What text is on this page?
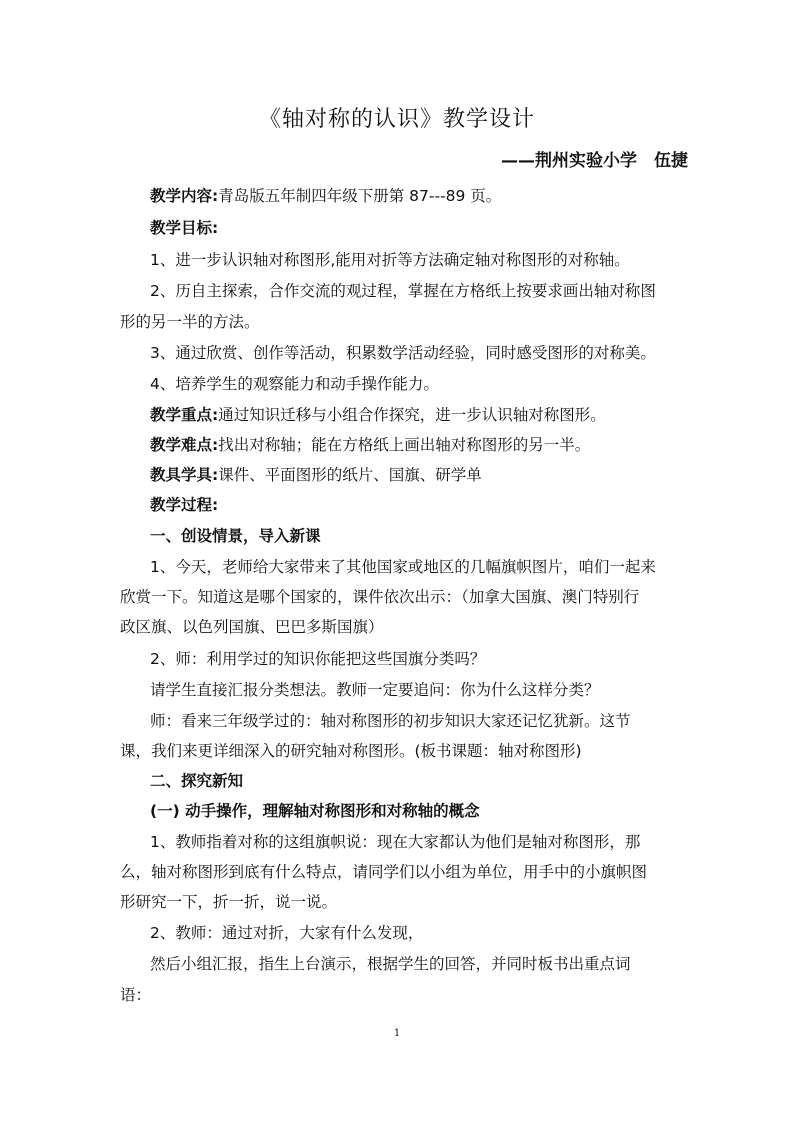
《轴对称的认识》教学设计
——荆州实验小学　伍捷
教学内容:青岛版五年制四年级下册第 87---89 页。
教学目标:
1、进一步认识轴对称图形,能用对折等方法确定轴对称图形的对称轴。
2、历自主探索，合作交流的观过程，掌握在方格纸上按要求画出轴对称图
形的另一半的方法。
3、通过欣赏、创作等活动，积累数学活动经验，同时感受图形的对称美。
4、培养学生的观察能力和动手操作能力。
教学重点:通过知识迁移与小组合作探究，进一步认识轴对称图形。
教学难点:找出对称轴；能在方格纸上画出轴对称图形的另一半。
教具学具:课件、平面图形的纸片、国旗、研学单
教学过程:
一、创设情景，导入新课
1、今天，老师给大家带来了其他国家或地区的几幅旗帜图片，咱们一起来
欣赏一下。知道这是哪个国家的，课件依次出示：（加拿大国旗、澳门特别行
政区旗、以色列国旗、巴巴多斯国旗）
2、师：利用学过的知识你能把这些国旗分类吗？
请学生直接汇报分类想法。教师一定要追问：你为什么这样分类？
师：看来三年级学过的：轴对称图形的初步知识大家还记忆犹新。这节
课，我们来更详细深入的研究轴对称图形。(板书课题：轴对称图形)
二、探究新知
(一) 动手操作，理解轴对称图形和对称轴的概念
1、教师指着对称的这组旗帜说：现在大家都认为他们是轴对称图形，那
么，轴对称图形到底有什么特点，请同学们以小组为单位，用手中的小旗帜图
形研究一下，折一折，说一说。
2、教师：通过对折，大家有什么发现，
然后小组汇报，指生上台演示，根据学生的回答，并同时板书出重点词
语：
1
